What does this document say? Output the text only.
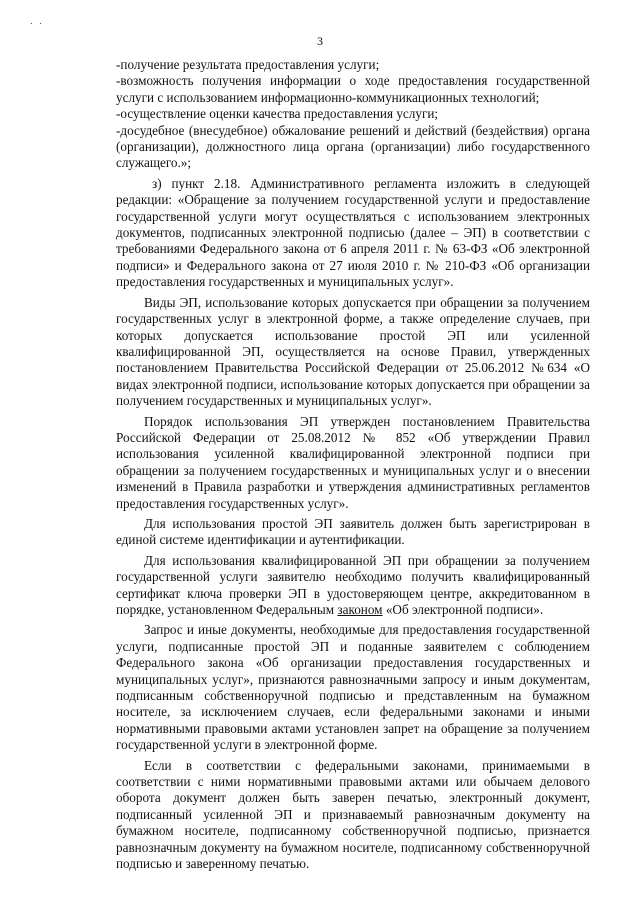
⸱ ⸱
3

-получение результата предоставления услуги;

-возможность получения информации о ходе предоставления государственной услуги с использованием информационно-коммуникационных технологий;

-осуществление оценки качества предоставления услуги;

-досудебное (внесудебное) обжалование решений и действий (бездействия) органа (организации), должностного лица органа (организации) либо государственного служащего.»;

з) пункт 2.18. Административного регламента изложить в следующей редакции: «Обращение за получением государственной услуги и предоставление государственной услуги могут осуществляться с использованием электронных документов, подписанных электронной подписью (далее – ЭП) в соответствии с требованиями Федерального закона от 6 апреля 2011 г. № 63-ФЗ «Об электронной подписи» и Федерального закона от 27 июля 2010 г. № 210-ФЗ «Об организации предоставления государственных и муниципальных услуг».

Виды ЭП, использование которых допускается при обращении за получением государственных услуг в электронной форме, а также определение случаев, при которых допускается использование простой ЭП или усиленной квалифицированной ЭП, осуществляется на основе Правил, утвержденных постановлением Правительства Российской Федерации от 25.06.2012 №634 «О видах электронной подписи, использование которых допускается при обращении за получением государственных и муниципальных услуг».

Порядок использования ЭП утвержден постановлением Правительства Российской Федерации от 25.08.2012 № 852 «Об утверждении Правил использования усиленной квалифицированной электронной подписи при обращении за получением государственных и муниципальных услуг и о внесении изменений в Правила разработки и утверждения административных регламентов предоставления государственных услуг».

Для использования простой ЭП заявитель должен быть зарегистрирован в единой системе идентификации и аутентификации.

Для использования квалифицированной ЭП при обращении за получением государственной услуги заявителю необходимо получить квалифицированный сертификат ключа проверки ЭП в удостоверяющем центре, аккредитованном в порядке, установленном Федеральным законом «Об электронной подписи».

Запрос и иные документы, необходимые для предоставления государственной услуги, подписанные простой ЭП и поданные заявителем с соблюдением Федерального закона «Об организации предоставления государственных и муниципальных услуг», признаются равнозначными запросу и иным документам, подписанным собственноручной подписью и представленным на бумажном носителе, за исключением случаев, если федеральными законами и иными нормативными правовыми актами установлен запрет на обращение за получением государственной услуги в электронной форме.

Если в соответствии с федеральными законами, принимаемыми в соответствии с ними нормативными правовыми актами или обычаем делового оборота документ должен быть заверен печатью, электронный документ, подписанный усиленной ЭП и признаваемый равнозначным документу на бумажном носителе, подписанному собственноручной подписью, признается равнозначным документу на бумажном носителе, подписанному собственноручной подписью и заверенному печатью.
